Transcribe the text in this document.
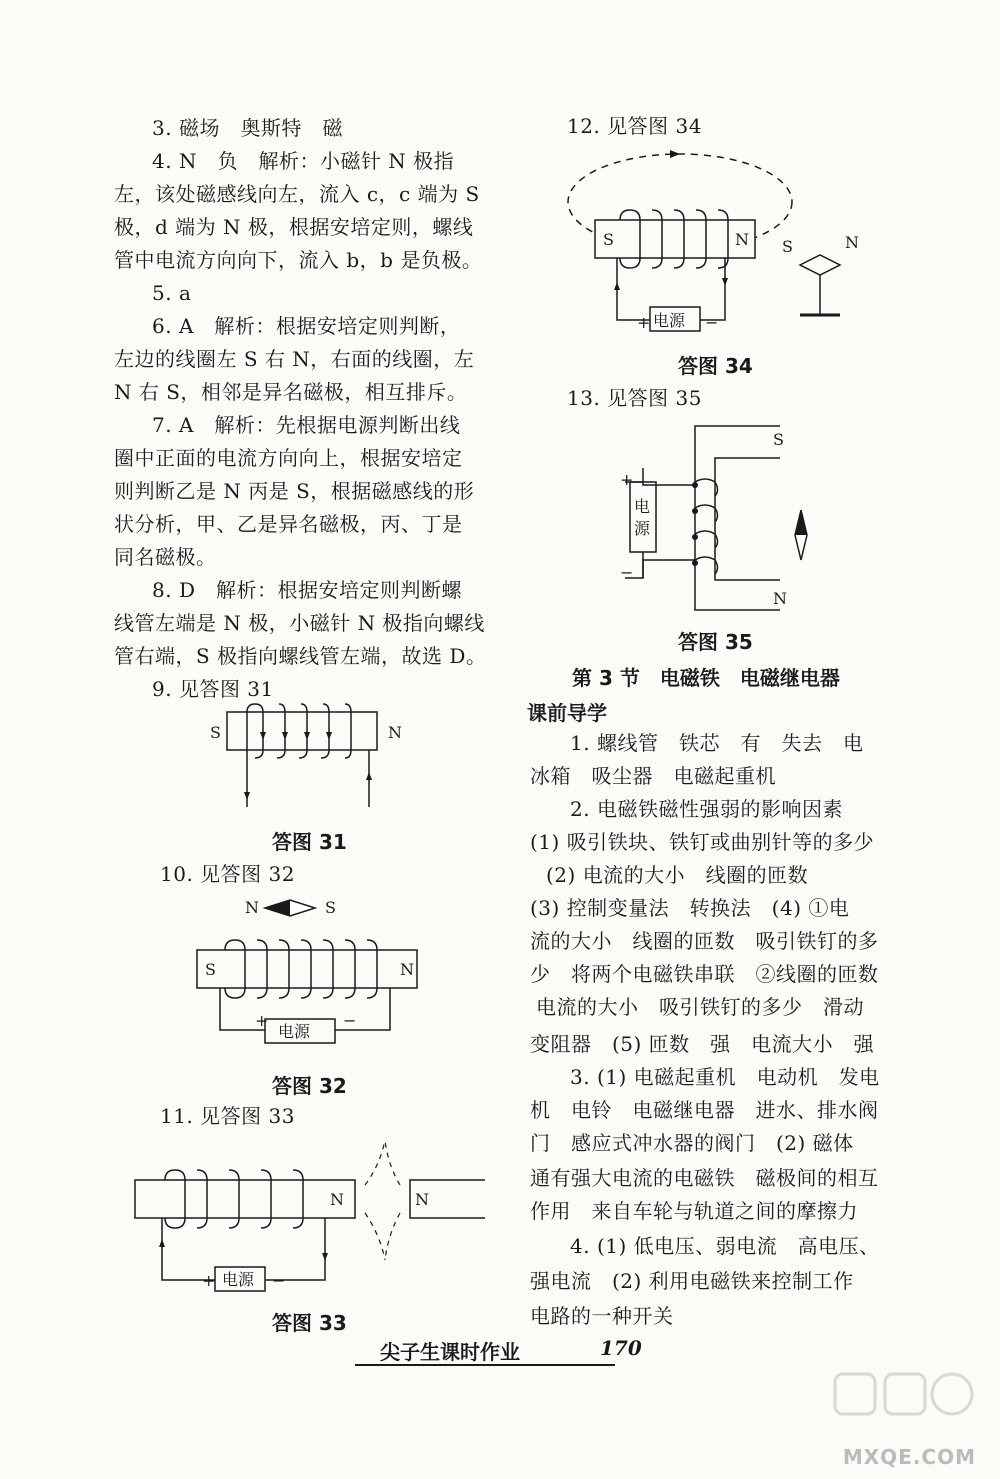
3. 磁场　奥斯特　磁
4. N　负　解析：小磁针 N 极指
左，该处磁感线向左，流入 c，c 端为 S
极，d 端为 N 极，根据安培定则，螺线
管中电流方向向下，流入 b，b 是负极。
5. a
6. A　解析：根据安培定则判断，
左边的线圈左 S 右 N，右面的线圈，左
N 右 S，相邻是异名磁极，相互排斥。
7. A　解析：先根据电源判断出线
圈中正面的电流方向向上，根据安培定
则判断乙是 N 丙是 S，根据磁感线的形
状分析，甲、乙是异名磁极，丙、丁是
同名磁极。
8. D　解析：根据安培定则判断螺
线管左端是 N 极，小磁针 N 极指向螺线
管右端，S 极指向螺线管左端，故选 D。
9. 见答图 31
S	N
答图 31
10. 见答图 32
N	S
S	N
+	−
电源
答图 32
11. 见答图 33
N	N
+	−
电源
答图 33
12. 见答图 34
S	N
+	−
电源
S	N
答图 34
13. 见答图 35
S
N
+
−
电
源
答图 35
第 3 节　电磁铁　电磁继电器
课前导学
1. 螺线管　铁芯　有　失去　电
冰箱　吸尘器　电磁起重机
2. 电磁铁磁性强弱的影响因素
(1) 吸引铁块、铁钉或曲别针等的多少
(2) 电流的大小　线圈的匝数
(3) 控制变量法　转换法　(4) ①电
流的大小　线圈的匝数　吸引铁钉的多
少　将两个电磁铁串联　②线圈的匝数
电流的大小　吸引铁钉的多少　滑动
变阻器　(5) 匝数　强　电流大小　强
3. (1) 电磁起重机　电动机　发电
机　电铃　电磁继电器　进水、排水阀
门　感应式冲水器的阀门　(2) 磁体
通有强大电流的电磁铁　磁极间的相互
作用　来自车轮与轨道之间的摩擦力
4. (1) 低电压、弱电流　高电压、
强电流　(2) 利用电磁铁来控制工作
电路的一种开关
尖子生课时作业	170
MXQE.COM
